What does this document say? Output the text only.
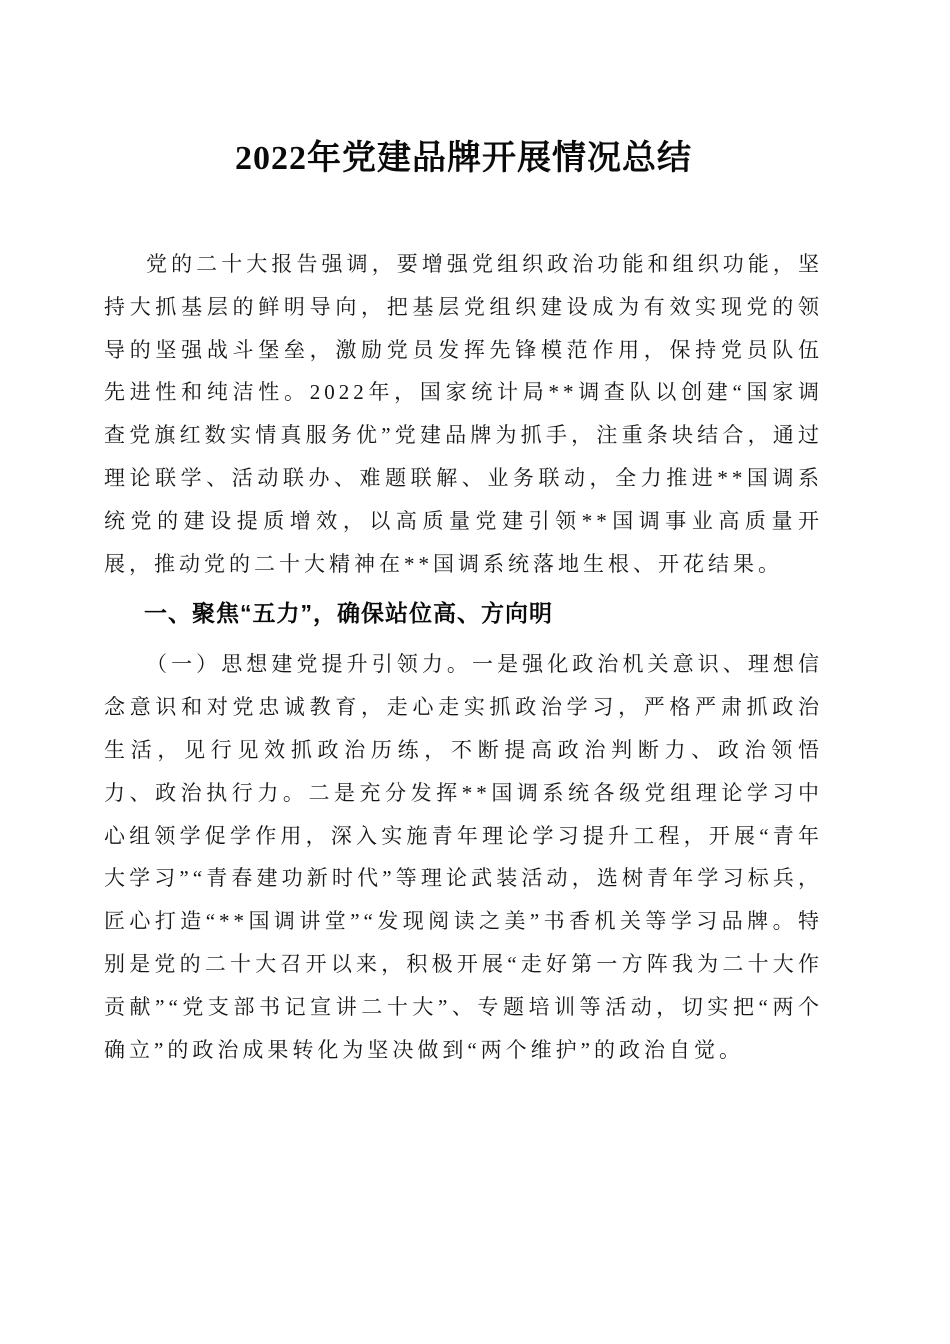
2022年党建品牌开展情况总结

党的二十大报告强调，要增强党组织政治功能和组织功能，坚持大抓基层的鲜明导向，把基层党组织建设成为有效实现党的领导的坚强战斗堡垒，激励党员发挥先锋模范作用，保持党员队伍先进性和纯洁性。2022年，国家统计局**调查队以创建“国家调查党旗红数实情真服务优”党建品牌为抓手，注重条块结合，通过理论联学、活动联办、难题联解、业务联动，全力推进**国调系统党的建设提质增效，以高质量党建引领**国调事业高质量开展，推动党的二十大精神在**国调系统落地生根、开花结果。

一、聚焦“五力”，确保站位高、方向明

（一）思想建党提升引领力。一是强化政治机关意识、理想信念意识和对党忠诚教育，走心走实抓政治学习，严格严肃抓政治生活，见行见效抓政治历练，不断提高政治判断力、政治领悟力、政治执行力。二是充分发挥**国调系统各级党组理论学习中心组领学促学作用，深入实施青年理论学习提升工程，开展“青年大学习”“青春建功新时代”等理论武装活动，选树青年学习标兵，匠心打造“**国调讲堂”“发现阅读之美”书香机关等学习品牌。特别是党的二十大召开以来，积极开展“走好第一方阵我为二十大作贡献”“党支部书记宣讲二十大”、专题培训等活动，切实把“两个确立”的政治成果转化为坚决做到“两个维护”的政治自觉。
